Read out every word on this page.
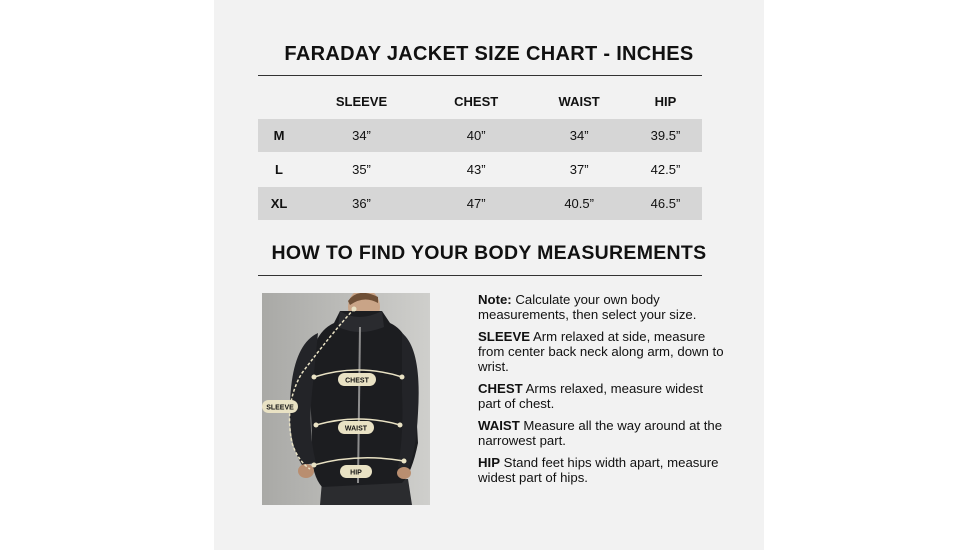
FARADAY JACKET SIZE CHART - INCHES
	SLEEVE	CHEST	WAIST	HIP
M	34”	40”	34”	39.5”
L	35”	43”	37”	42.5”
XL	36”	47”	40.5”	46.5”
HOW TO FIND YOUR BODY MEASUREMENTS
CHEST
SLEEVE
WAIST
HIP

Note: Calculate your own body measurements, then select your size.

SLEEVE Arm relaxed at side, measure from center back neck along arm, down to wrist.

CHEST Arms relaxed, measure widest part of chest.

WAIST Measure all the way around at the narrowest part.

HIP Stand feet hips width apart, measure widest part of hips.
